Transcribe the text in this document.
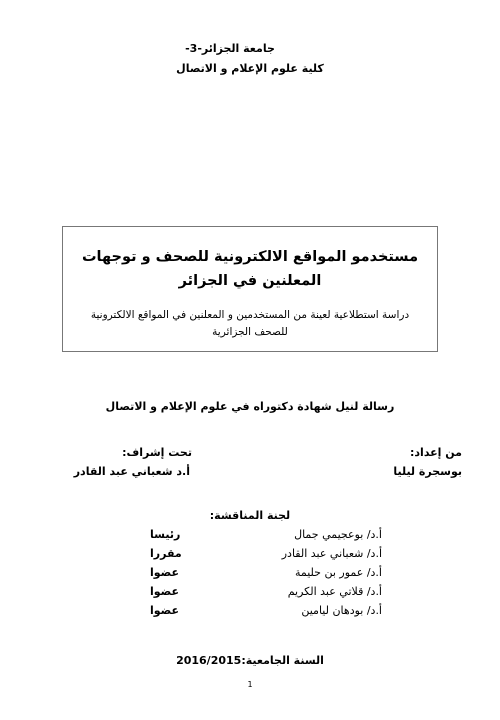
جامعة الجزائر-3-
كلية علوم الإعلام و الاتصال
مستخدمو المواقع الالكترونية للصحف و توجهات المعلنين في الجزائر
دراسة استطلاعية لعينة من المستخدمين و المعلنين في المواقع الالكترونية للصحف الجزائرية
رسالة لنيل شهادة دكتوراه في علوم الإعلام و الاتصال
من إعداد:
بوسجرة ليليا
تحت إشراف:
أ.د شعباني عبد القادر
لجنة المناقشة:
أ.د/ بوعجيمي جمال
رئيسا
أ.د/ شعباني عبد القادر
مقررا
أ.د/ عمور بن حليمة
عضوا
أ.د/ قلاتي عبد الكريم
عضوا
أ.د/ بودهان ليامين
عضوا
السنة الجامعية:2016/2015
1
